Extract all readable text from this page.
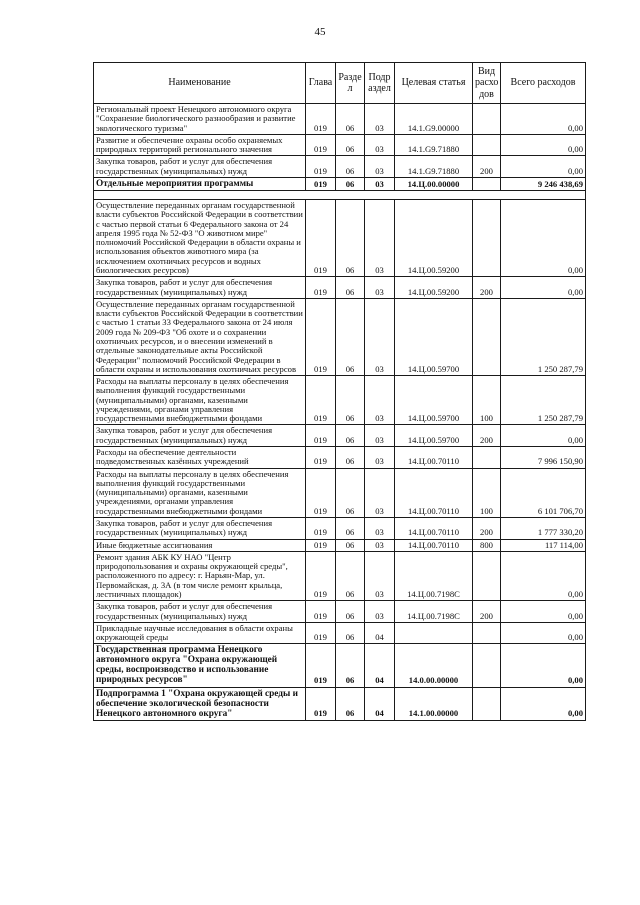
45
Наименование	Глава	Разде л	Подр аздел	Целевая статья	Вид расхо дов	Всего расходов
Региональный проект Ненецкого автономного округа "Сохранение биологического разнообразия и развитие экологического туризма"	019	06	03	14.1.G9.00000		0,00
Развитие и обеспечение охраны особо охраняемых природных территорий регионального значения	019	06	03	14.1.G9.71880		0,00
Закупка товаров, работ и услуг для обеспечения государственных (муниципальных) нужд	019	06	03	14.1.G9.71880	200	0,00
Отдельные мероприятия программы	019	06	03	14.Ц.00.00000		9 246 438,69

Осуществление переданных органам государственной власти субъектов Российской Федерации в соответствии с частью первой статьи 6 Федерального закона от 24 апреля 1995 года № 52-ФЗ "О животном мире" полномочий Российской Федерации в области охраны и использования объектов животного мира (за исключением охотничьих ресурсов и водных биологических ресурсов)	019	06	03	14.Ц.00.59200		0,00
Закупка товаров, работ и услуг для обеспечения государственных (муниципальных) нужд	019	06	03	14.Ц.00.59200	200	0,00
Осуществление переданных органам государственной власти субъектов Российской Федерации в соответствии с частью 1 статьи 33 Федерального закона от 24 июля 2009 года № 209-ФЗ "Об охоте и о сохранении охотничьих ресурсов, и о внесении изменений в отдельные законодательные акты Российской Федерации" полномочий Российской Федерации в области охраны и использования охотничьих ресурсов	019	06	03	14.Ц.00.59700		1 250 287,79
Расходы на выплаты персоналу в целях обеспечения выполнения функций государственными (муниципальными) органами, казенными учреждениями, органами управления государственными внебюджетными фондами	019	06	03	14.Ц.00.59700	100	1 250 287,79
Закупка товаров, работ и услуг для обеспечения государственных (муниципальных) нужд	019	06	03	14.Ц.00.59700	200	0,00
Расходы на обеспечение деятельности подведомственных казённых учреждений	019	06	03	14.Ц.00.70110		7 996 150,90
Расходы на выплаты персоналу в целях обеспечения выполнения функций государственными (муниципальными) органами, казенными учреждениями, органами управления государственными внебюджетными фондами	019	06	03	14.Ц.00.70110	100	6 101 706,70
Закупка товаров, работ и услуг для обеспечения государственных (муниципальных) нужд	019	06	03	14.Ц.00.70110	200	1 777 330,20
Иные бюджетные ассигнования	019	06	03	14.Ц.00.70110	800	117 114,00
Ремонт здания АБК КУ НАО "Центр природопользования и охраны окружающей среды", расположенного по адресу: г. Нарьян-Мар, ул. Первомайская, д. 3А (в том числе ремонт крыльца, лестничных площадок)	019	06	03	14.Ц.00.7198С		0,00
Закупка товаров, работ и услуг для обеспечения государственных (муниципальных) нужд	019	06	03	14.Ц.00.7198С	200	0,00
Прикладные научные исследования в области охраны окружающей среды	019	06	04			0,00
Государственная программа Ненецкого автономного округа "Охрана окружающей среды, воспроизводство и использование природных ресурсов"	019	06	04	14.0.00.00000		0,00
Подпрограмма 1 "Охрана окружающей среды и обеспечение экологической безопасности Ненецкого автономного округа"	019	06	04	14.1.00.00000		0,00
